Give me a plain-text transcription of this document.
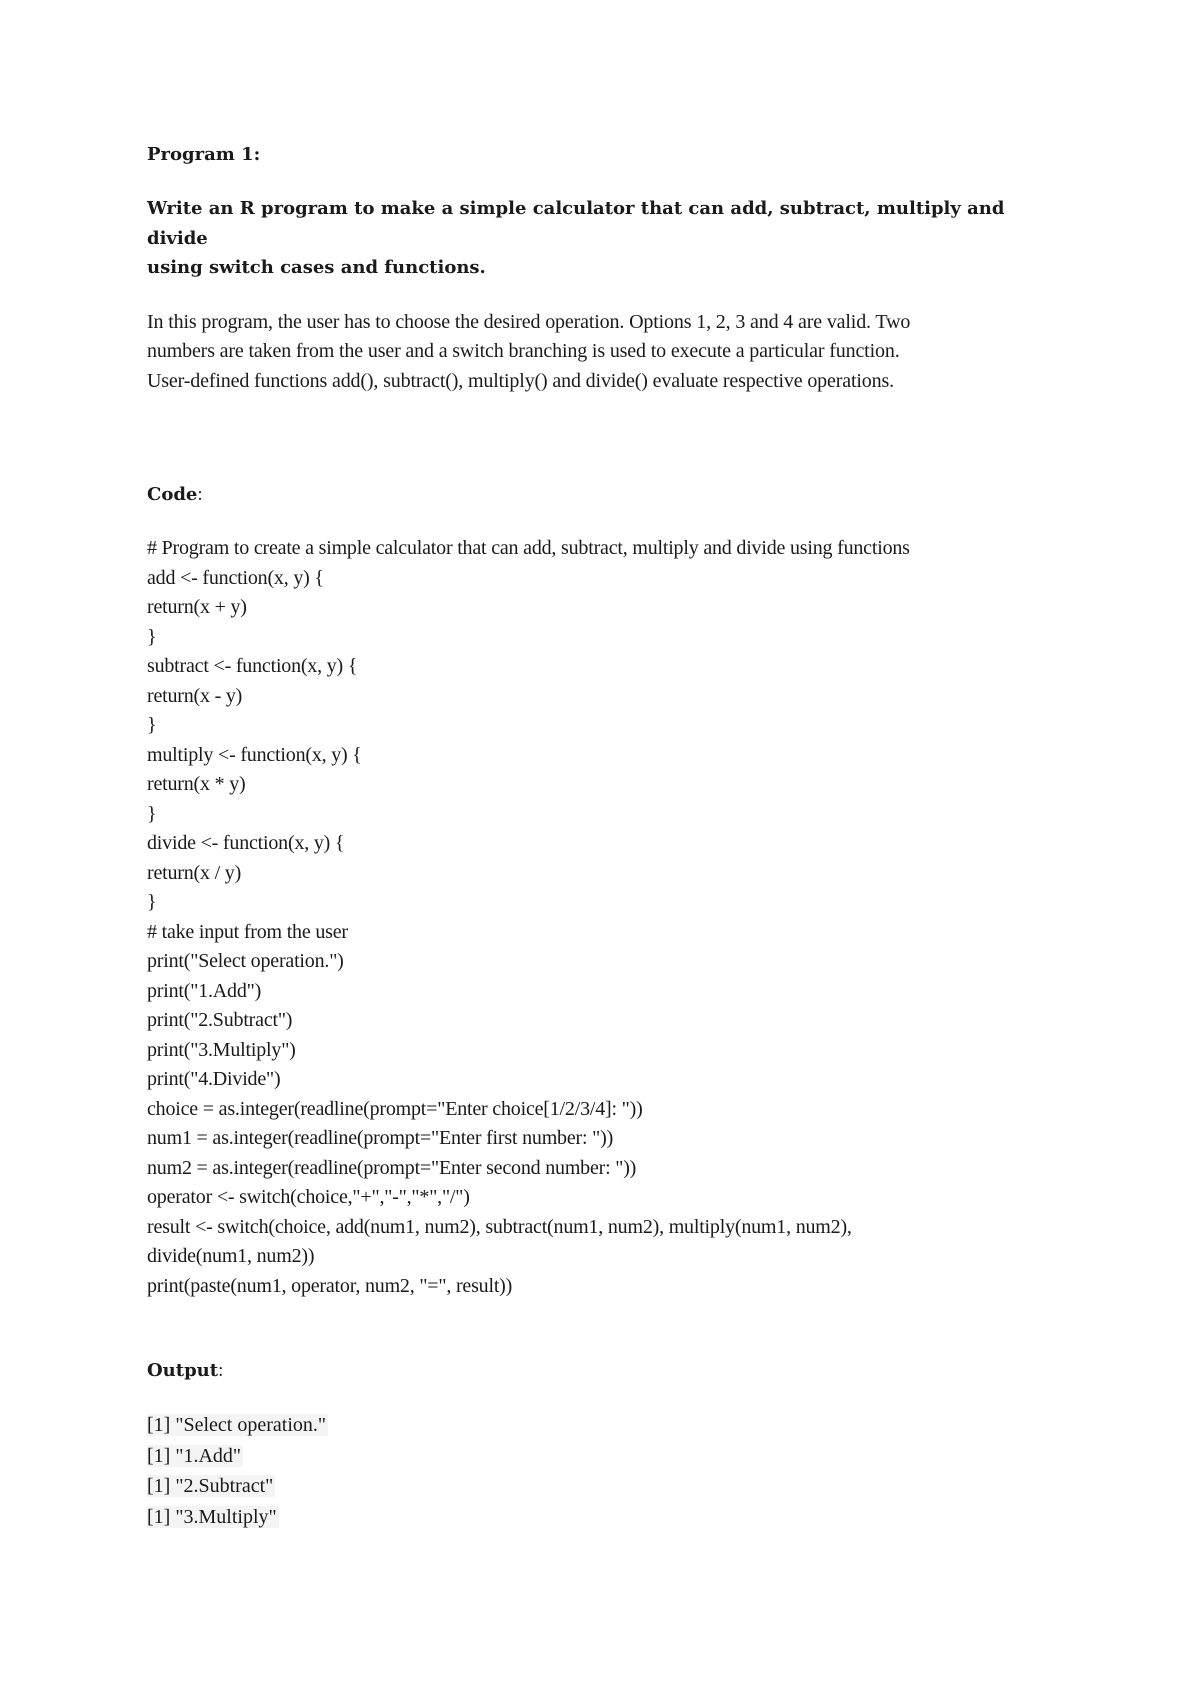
Program 1:

Write an R program to make a simple calculator that can add, subtract, multiply and divide

using switch cases and functions.

In this program, the user has to choose the desired operation. Options 1, 2, 3 and 4 are valid. Two

numbers are taken from the user and a switch branching is used to execute a particular function.

User-defined functions add(), subtract(), multiply() and divide() evaluate respective operations.

Code:

# Program to create a simple calculator that can add, subtract, multiply and divide using functions

add <- function(x, y) {

return(x + y)

}

subtract <- function(x, y) {

return(x - y)

}

multiply <- function(x, y) {

return(x * y)

}

divide <- function(x, y) {

return(x / y)

}

# take input from the user

print("Select operation.")

print("1.Add")

print("2.Subtract")

print("3.Multiply")

print("4.Divide")

choice = as.integer(readline(prompt="Enter choice[1/2/3/4]: "))

num1 = as.integer(readline(prompt="Enter first number: "))

num2 = as.integer(readline(prompt="Enter second number: "))

operator <- switch(choice,"+","-","*","/")

result <- switch(choice, add(num1, num2), subtract(num1, num2), multiply(num1, num2),

divide(num1, num2))

print(paste(num1, operator, num2, "=", result))

Output:

[1] "Select operation."
[1] "1.Add"
[1] "2.Subtract"
[1] "3.Multiply"
